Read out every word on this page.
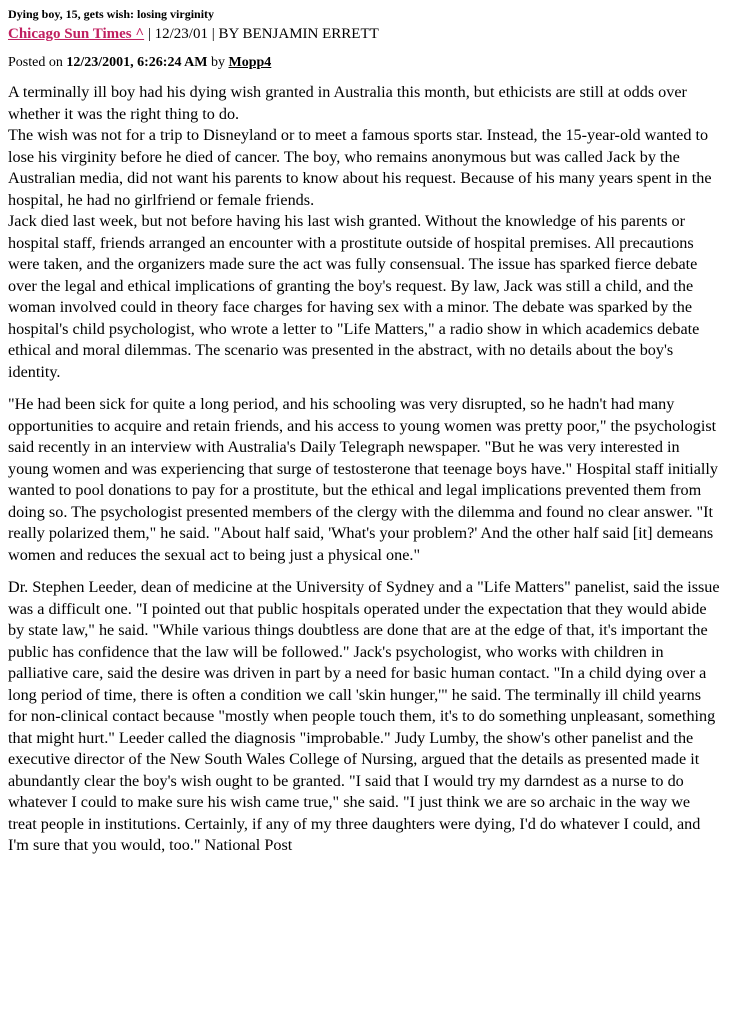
Dying boy, 15, gets wish: losing virginity
Chicago Sun Times ^ | 12/23/01 | BY BENJAMIN ERRETT
Posted on 12/23/2001, 6:26:24 AM by Mopp4

A terminally ill boy had his dying wish granted in Australia this month, but ethicists are still at odds over whether it was the right thing to do.

The wish was not for a trip to Disneyland or to meet a famous sports star. Instead, the 15-year-old wanted to lose his virginity before he died of cancer. The boy, who remains anonymous but was called Jack by the Australian media, did not want his parents to know about his request. Because of his many years spent in the hospital, he had no girlfriend or female friends.

Jack died last week, but not before having his last wish granted. Without the knowledge of his parents or hospital staff, friends arranged an encounter with a prostitute outside of hospital premises. All precautions were taken, and the organizers made sure the act was fully consensual. The issue has sparked fierce debate over the legal and ethical implications of granting the boy's request. By law, Jack was still a child, and the woman involved could in theory face charges for having sex with a minor. The debate was sparked by the hospital's child psychologist, who wrote a letter to "Life Matters," a radio show in which academics debate ethical and moral dilemmas. The scenario was presented in the abstract, with no details about the boy's identity.

"He had been sick for quite a long period, and his schooling was very disrupted, so he hadn't had many opportunities to acquire and retain friends, and his access to young women was pretty poor," the psychologist said recently in an interview with Australia's Daily Telegraph newspaper. "But he was very interested in young women and was experiencing that surge of testosterone that teenage boys have." Hospital staff initially wanted to pool donations to pay for a prostitute, but the ethical and legal implications prevented them from doing so. The psychologist presented members of the clergy with the dilemma and found no clear answer. "It really polarized them," he said. "About half said, 'What's your problem?' And the other half said [it] demeans women and reduces the sexual act to being just a physical one."

Dr. Stephen Leeder, dean of medicine at the University of Sydney and a "Life Matters" panelist, said the issue was a difficult one. "I pointed out that public hospitals operated under the expectation that they would abide by state law," he said. "While various things doubtless are done that are at the edge of that, it's important the public has confidence that the law will be followed." Jack's psychologist, who works with children in palliative care, said the desire was driven in part by a need for basic human contact. "In a child dying over a long period of time, there is often a condition we call 'skin hunger,'" he said. The terminally ill child yearns for non-clinical contact because "mostly when people touch them, it's to do something unpleasant, something that might hurt." Leeder called the diagnosis "improbable." Judy Lumby, the show's other panelist and the executive director of the New South Wales College of Nursing, argued that the details as presented made it abundantly clear the boy's wish ought to be granted. "I said that I would try my darndest as a nurse to do whatever I could to make sure his wish came true," she said. "I just think we are so archaic in the way we treat people in institutions. Certainly, if any of my three daughters were dying, I'd do whatever I could, and I'm sure that you would, too." National Post
